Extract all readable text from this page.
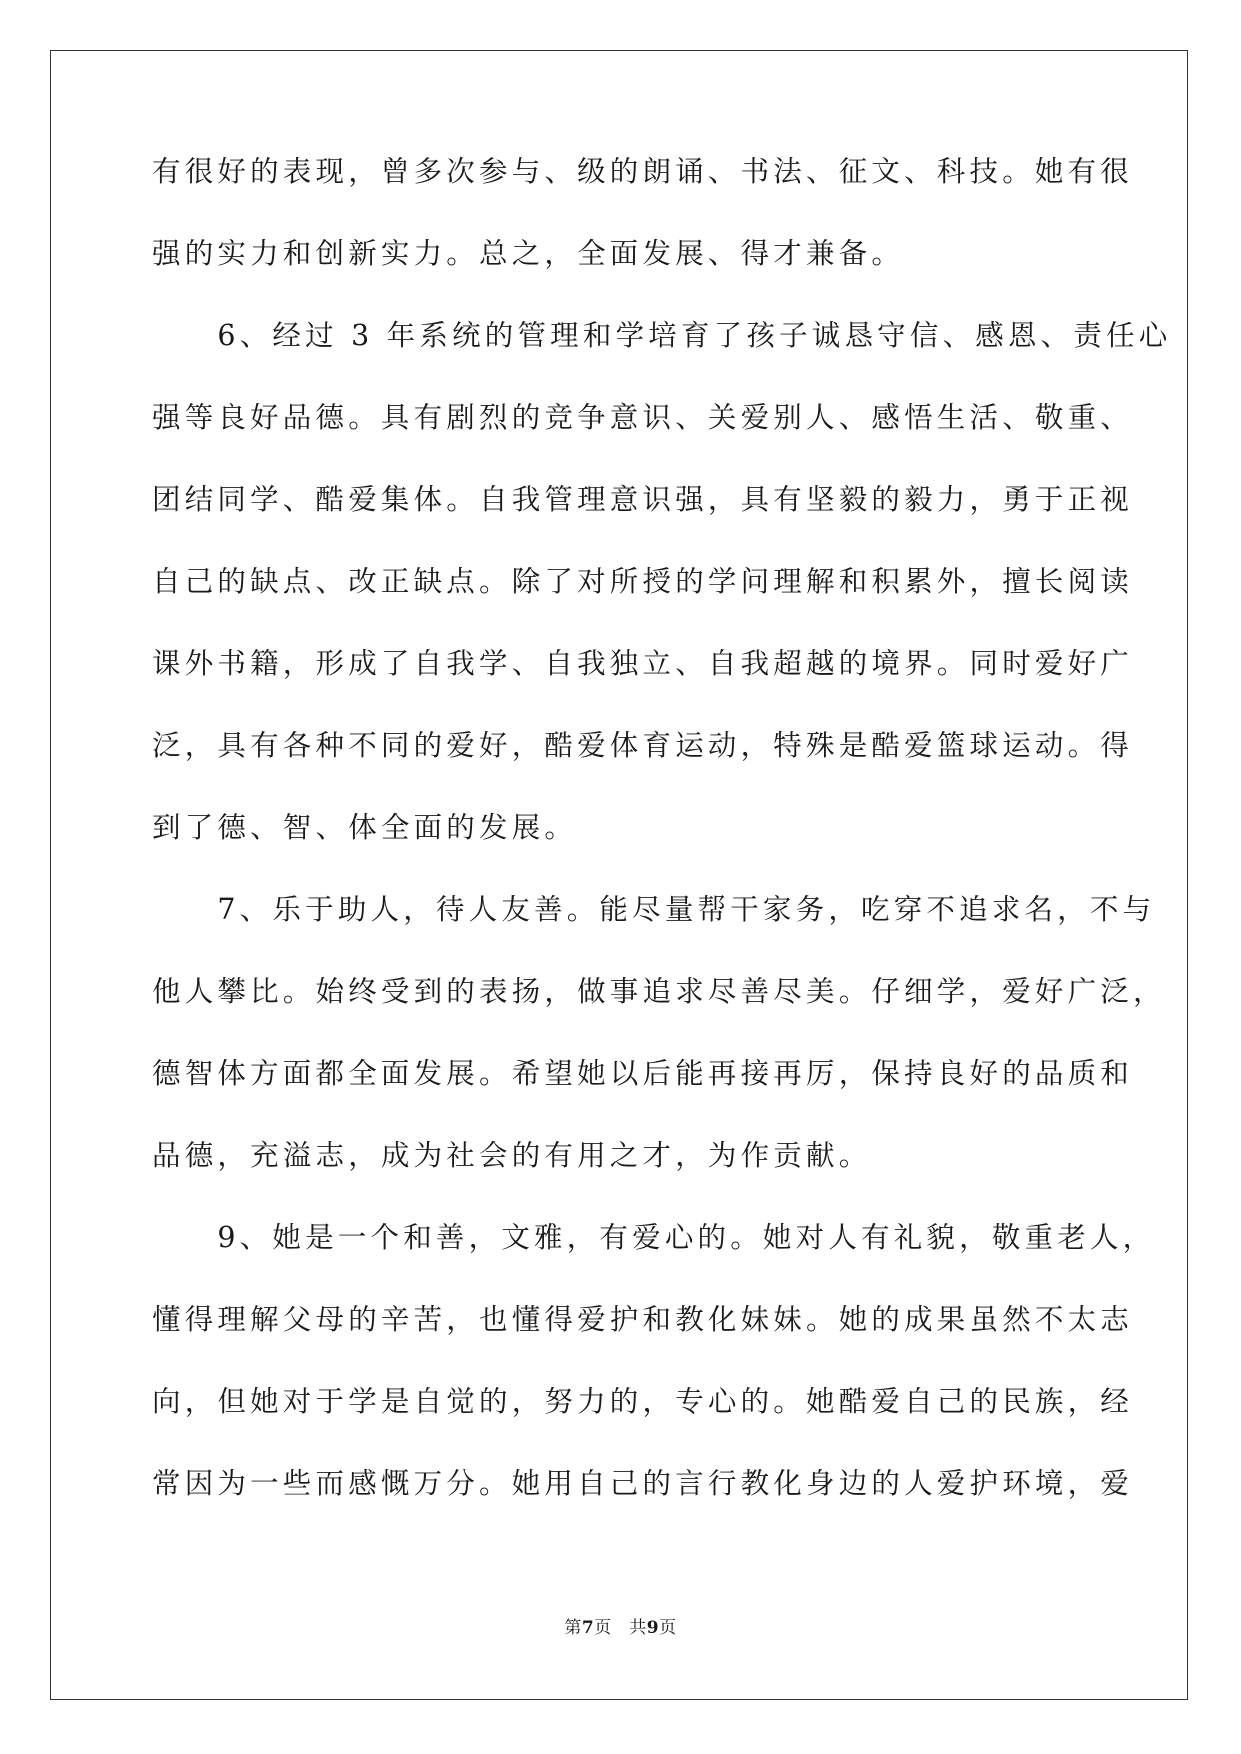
有很好的表现，曾多次参与、级的朗诵、书法、征文、科技。她有很
强的实力和创新实力。总之，全面发展、得才兼备。
　　6、经过 3 年系统的管理和学培育了孩子诚恳守信、感恩、责任心
强等良好品德。具有剧烈的竞争意识、关爱别人、感悟生活、敬重、
团结同学、酷爱集体。自我管理意识强，具有坚毅的毅力，勇于正视
自己的缺点、改正缺点。除了对所授的学问理解和积累外，擅长阅读
课外书籍，形成了自我学、自我独立、自我超越的境界。同时爱好广
泛，具有各种不同的爱好，酷爱体育运动，特殊是酷爱篮球运动。得
到了德、智、体全面的发展。
　　7、乐于助人，待人友善。能尽量帮干家务，吃穿不追求名，不与
他人攀比。始终受到的表扬，做事追求尽善尽美。仔细学，爱好广泛，
德智体方面都全面发展。希望她以后能再接再厉，保持良好的品质和
品德，充溢志，成为社会的有用之才，为作贡献。
　　9、她是一个和善，文雅，有爱心的。她对人有礼貌，敬重老人，
懂得理解父母的辛苦，也懂得爱护和教化妹妹。她的成果虽然不太志
向，但她对于学是自觉的，努力的，专心的。她酷爱自己的民族，经
常因为一些而感慨万分。她用自己的言行教化身边的人爱护环境，爱
第7页　共9页
